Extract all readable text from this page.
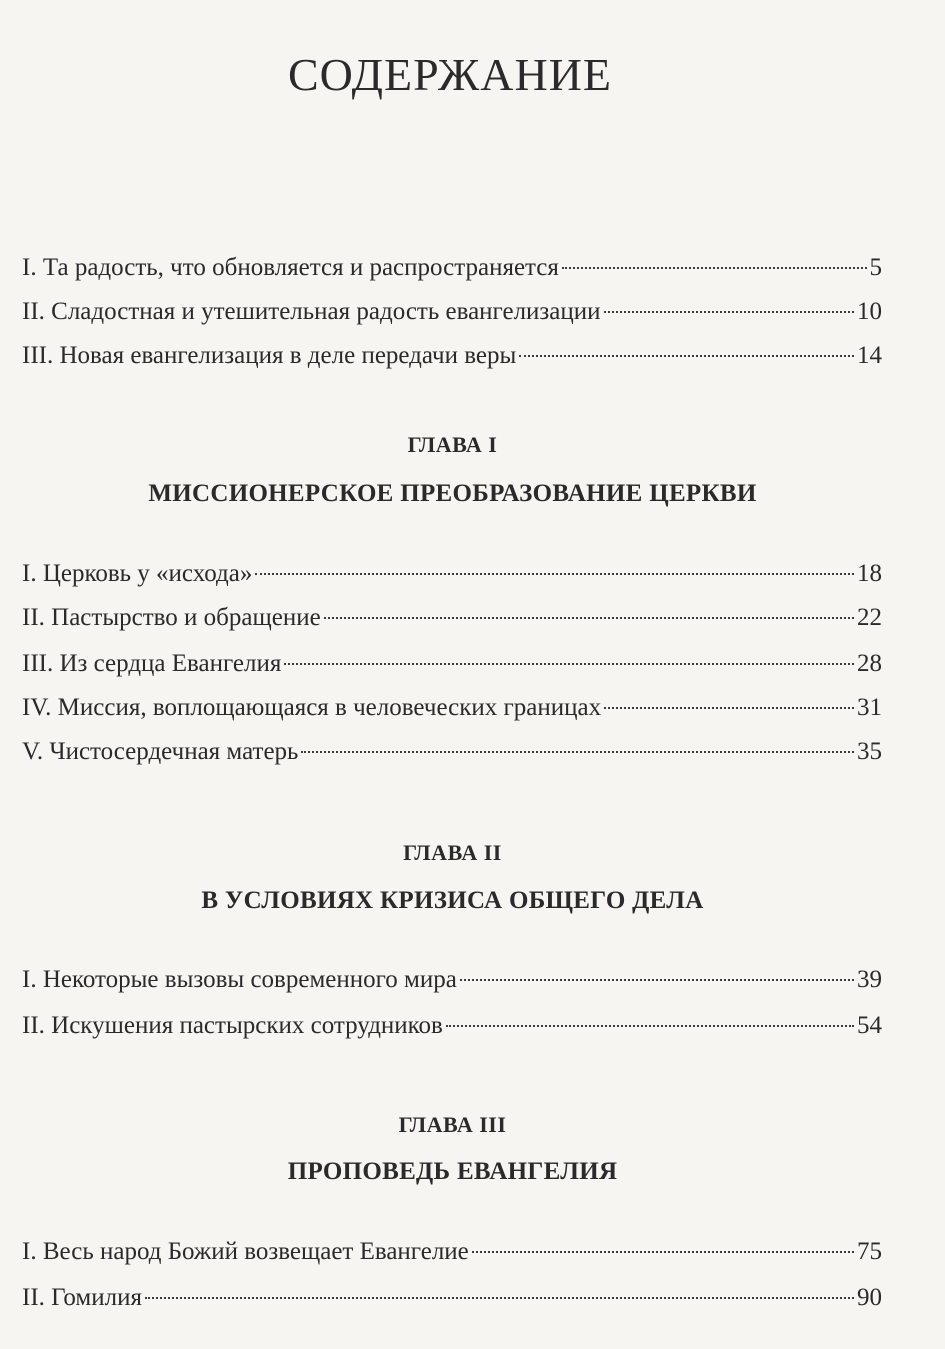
СОДЕРЖАНИЕ
I. Та радость, что обновляется и распространяется	5
II. Сладостная и утешительная радость евангелизации	10
III. Новая евангелизация в деле передачи веры	14
ГЛАВА I
МИССИОНЕРСКОЕ ПРЕОБРАЗОВАНИЕ ЦЕРКВИ
I. Церковь у «исхода»	18
II. Пастырство и обращение	22
III. Из сердца Евангелия	28
IV. Миссия, воплощающаяся в человеческих границах	31
V. Чистосердечная матерь	35
ГЛАВА II
В УСЛОВИЯХ КРИЗИСА ОБЩЕГО ДЕЛА
I. Некоторые вызовы современного мира	39
II. Искушения пастырских сотрудников	54
ГЛАВА III
ПРОПОВЕДЬ ЕВАНГЕЛИЯ
I. Весь народ Божий возвещает Евангелие	75
II. Гомилия	90
